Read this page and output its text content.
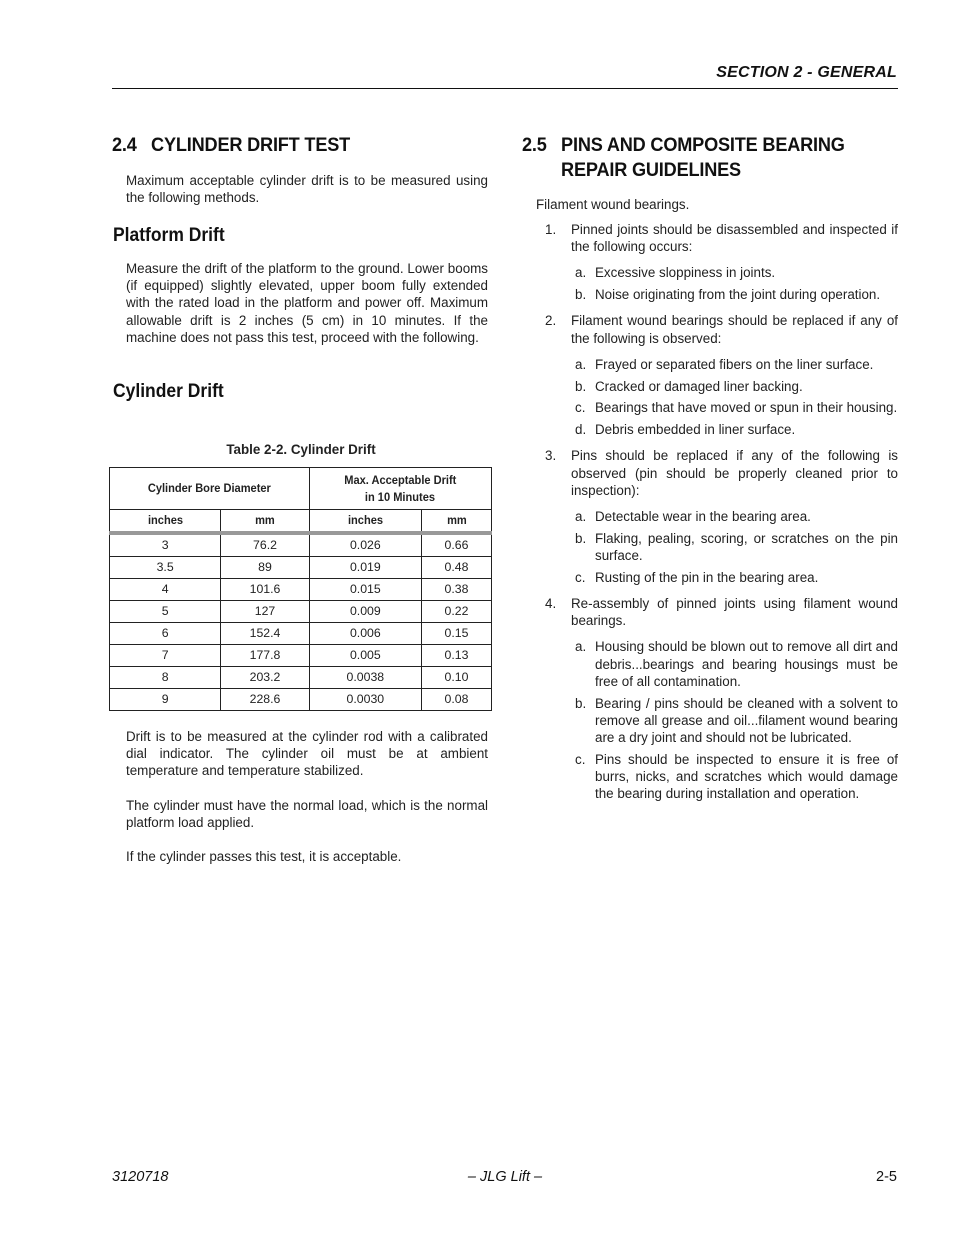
SECTION 2 - GENERAL
2.4 CYLINDER DRIFT TEST

Maximum acceptable cylinder drift is to be measured using the following methods.

Platform Drift

Measure the drift of the platform to the ground. Lower booms (if equipped) slightly elevated, upper boom fully extended with the rated load in the platform and power off. Maximum allowable drift is 2 inches (5 cm) in 10 minutes. If the machine does not pass this test, proceed with the following.

Cylinder Drift
Table 2-2. Cylinder Drift
Cylinder Bore Diameter		Max. Acceptable Drift
in 10 Minutes	
inches	mm	inches	mm
3	76.2	0.026	0.66
3.5	89	0.019	0.48
4	101.6	0.015	0.38
5	127	0.009	0.22
6	152.4	0.006	0.15
7	177.8	0.005	0.13
8	203.2	0.0038	0.10
9	228.6	0.0030	0.08

Drift is to be measured at the cylinder rod with a calibrated dial indicator. The cylinder oil must be at ambient temperature and temperature stabilized.

The cylinder must have the normal load, which is the normal platform load applied.

If the cylinder passes this test, it is acceptable.

2.5 PINS AND COMPOSITE BEARING REPAIR GUIDELINES

Filament wound bearings.

1. Pinned joints should be disassembled and inspected if the following occurs:
a. Excessive sloppiness in joints.
b. Noise originating from the joint during operation.
2. Filament wound bearings should be replaced if any of the following is observed:
a. Frayed or separated fibers on the liner surface.
b. Cracked or damaged liner backing.
c. Bearings that have moved or spun in their housing.
d. Debris embedded in liner surface.
3. Pins should be replaced if any of the following is observed (pin should be properly cleaned prior to inspection):
a. Detectable wear in the bearing area.
b. Flaking, pealing, scoring, or scratches on the pin surface.
c. Rusting of the pin in the bearing area.
4. Re-assembly of pinned joints using filament wound bearings.
a. Housing should be blown out to remove all dirt and debris...bearings and bearing housings must be free of all contamination.
b. Bearing / pins should be cleaned with a solvent to remove all grease and oil...filament wound bearing are a dry joint and should not be lubricated.
c. Pins should be inspected to ensure it is free of burrs, nicks, and scratches which would damage the bearing during installation and operation.
3120718	– JLG Lift –	2-5
